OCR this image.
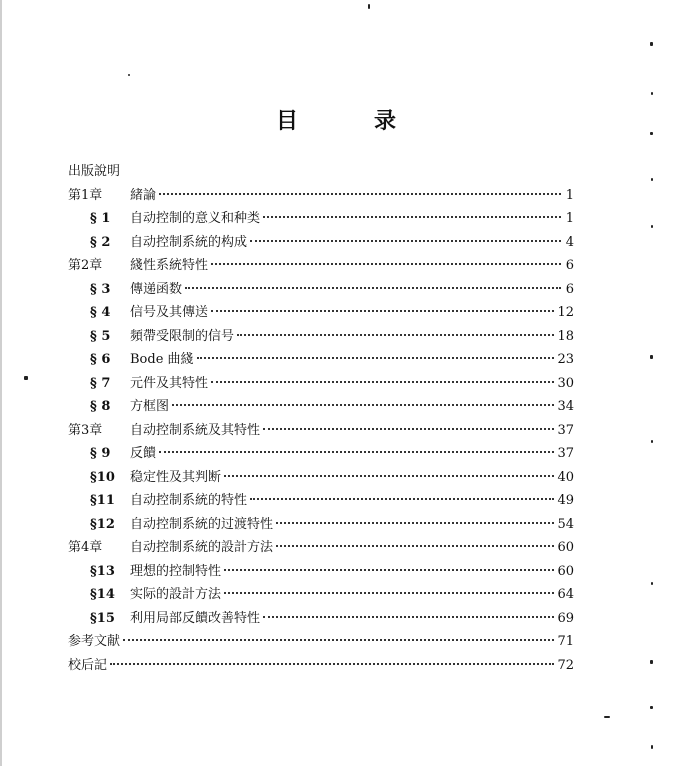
目	录
出版說明
第1章	緒論	1
§ 1	自动控制的意义和种类	1
§ 2	自动控制系統的构成	4
第2章	綫性系統特性	6
§ 3	傳递函数	6
§ 4	信号及其傳送	12
§ 5	頻帶受限制的信号	18
§ 6	Bode 曲綫	23
§ 7	元件及其特性	30
§ 8	方框图	34
第3章	自动控制系統及其特性	37
§ 9	反饋	37
§10	稳定性及其判断	40
§11	自动控制系統的特性	49
§12	自动控制系統的过渡特性	54
第4章	自动控制系統的設計方法	60
§13	理想的控制特性	60
§14	实际的設計方法	64
§15	利用局部反饋改善特性	69
参考文献	71
校后記	72
